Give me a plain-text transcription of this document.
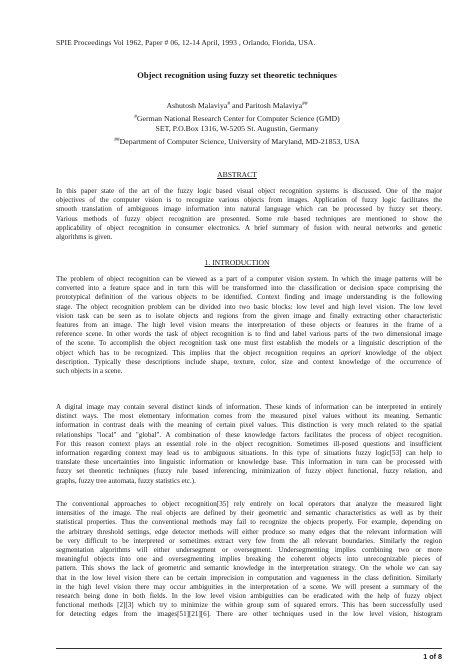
SPIE Proceedings Vol 1962, Paper # 06, 12-14 April, 1993 , Orlando, Florida, USA.
Object recognition using fuzzy set theoretic techniques
Ashutosh Malaviya# and Paritosh Malaviya##
#German National Research Center for Computer Science (GMD)
SET, P.O.Box 1316, W-5205 St. Augustin, Germany
##Department of Computer Science, University of Maryland, MD-21853, USA
ABSTRACT
In this paper state of the art of the fuzzy logic based visual object recognition systems is discussed. One of the major
objectives of the computer vision is to recognize various objects from images. Application of fuzzy logic facilitates the
smooth translation of ambiguous image information into natural language which can be processed by fuzzy set theory.
Various methods of fuzzy object recognition are presented. Some rule based techniques are mentioned to show the
applicability of object recognition in consumer electronics. A brief summary of fusion with neural networks and genetic
algorithms is given.
1. INTRODUCTION
The problem of object recognition can be viewed as a part of a computer vision system. In which the image patterns will be
converted into a feature space and in turn this will be transformed into the classification or decision space comprising the
prototypical definition of the various objects to be identified. Context finding and image understanding is the following
stage. The object recognition problem can be divided into two basic blocks: low level and high level vision. The low level
vision task can be seen as to isolate objects and regions from the given image and finally extracting other characteristic
features from an image. The high level vision means the interpretation of these objects or features in the frame of a
reference scene. In other words the task of object recognition is to find and label various parts of the two dimensional image
of the scene. To accomplish the object recognition task one must first establish the models or a linguistic description of the
object which has to be recognized. This implies that the object recognition requires an apriori knowledge of the object
description. Typically these descriptions include shape, texture, color, size and context knowledge of the occurrence of
such objects in a scene.
A digital image may contain several distinct kinds of information. These kinds of information can be interpreted in entirely
distinct ways. The most elementary information comes from the measured pixel values without its meaning. Semantic
information in contrast deals with the meaning of certain pixel values. This distinction is very much related to the spatial
relationships "local" and "global". A combination of these knowledge factors facilitates the process of object recognition.
For this reason context plays an essential role in the object recognition. Sometimes ill-posed questions and insufficient
information regarding context may lead us to ambiguous situations. In this type of situations fuzzy logic[53] can help to
translate these uncertainties into linguistic information or knowledge base. This information in turn can be processed with
fuzzy set theoretic techniques (fuzzy rule based inferencing, minimization of fuzzy object functional, fuzzy relation, and
graphs, fuzzy tree automata, fuzzy statistics etc.).
The conventional approaches to object recognition[35] rely entirely on local operators that analyze the measured light
intensities of the image. The real objects are defined by their geometric and semantic characteristics as well as by their
statistical properties. Thus the conventional methods may fail to recognize the objects properly. For example, depending on
the arbitrary threshold settings, edge detector methods will either produce so many edges that the relevant information will
be very difficult to be interpreted or sometimes extract very few from the all relevant boundaries. Similarly the region
segmentation algorithms will either undersegment or oversegment. Undersegmenting implies combining two or more
meaningful objects into one and oversegmenting implies breaking the coherent objects into unrecognizable pieces of
pattern. This shows the lack of geometric and semantic knowledge in the interpretation strategy. On the whole we can say
that in the low level vision there can be certain imprecision in computation and vagueness in the class definition. Similarly
in the high level vision there may occur ambiguities in the interpretation of a scene. We will present a summary of the
research being done in both fields. In the low level vision ambiguities can be eradicated with the help of fuzzy object
functional methods [2][3] which try to minimize the within group sum of squared errors. This has been successfully used
for detecting edges from the images[51][21][6]. There are other techniques used in the low level vision, histogram
1 of 8
